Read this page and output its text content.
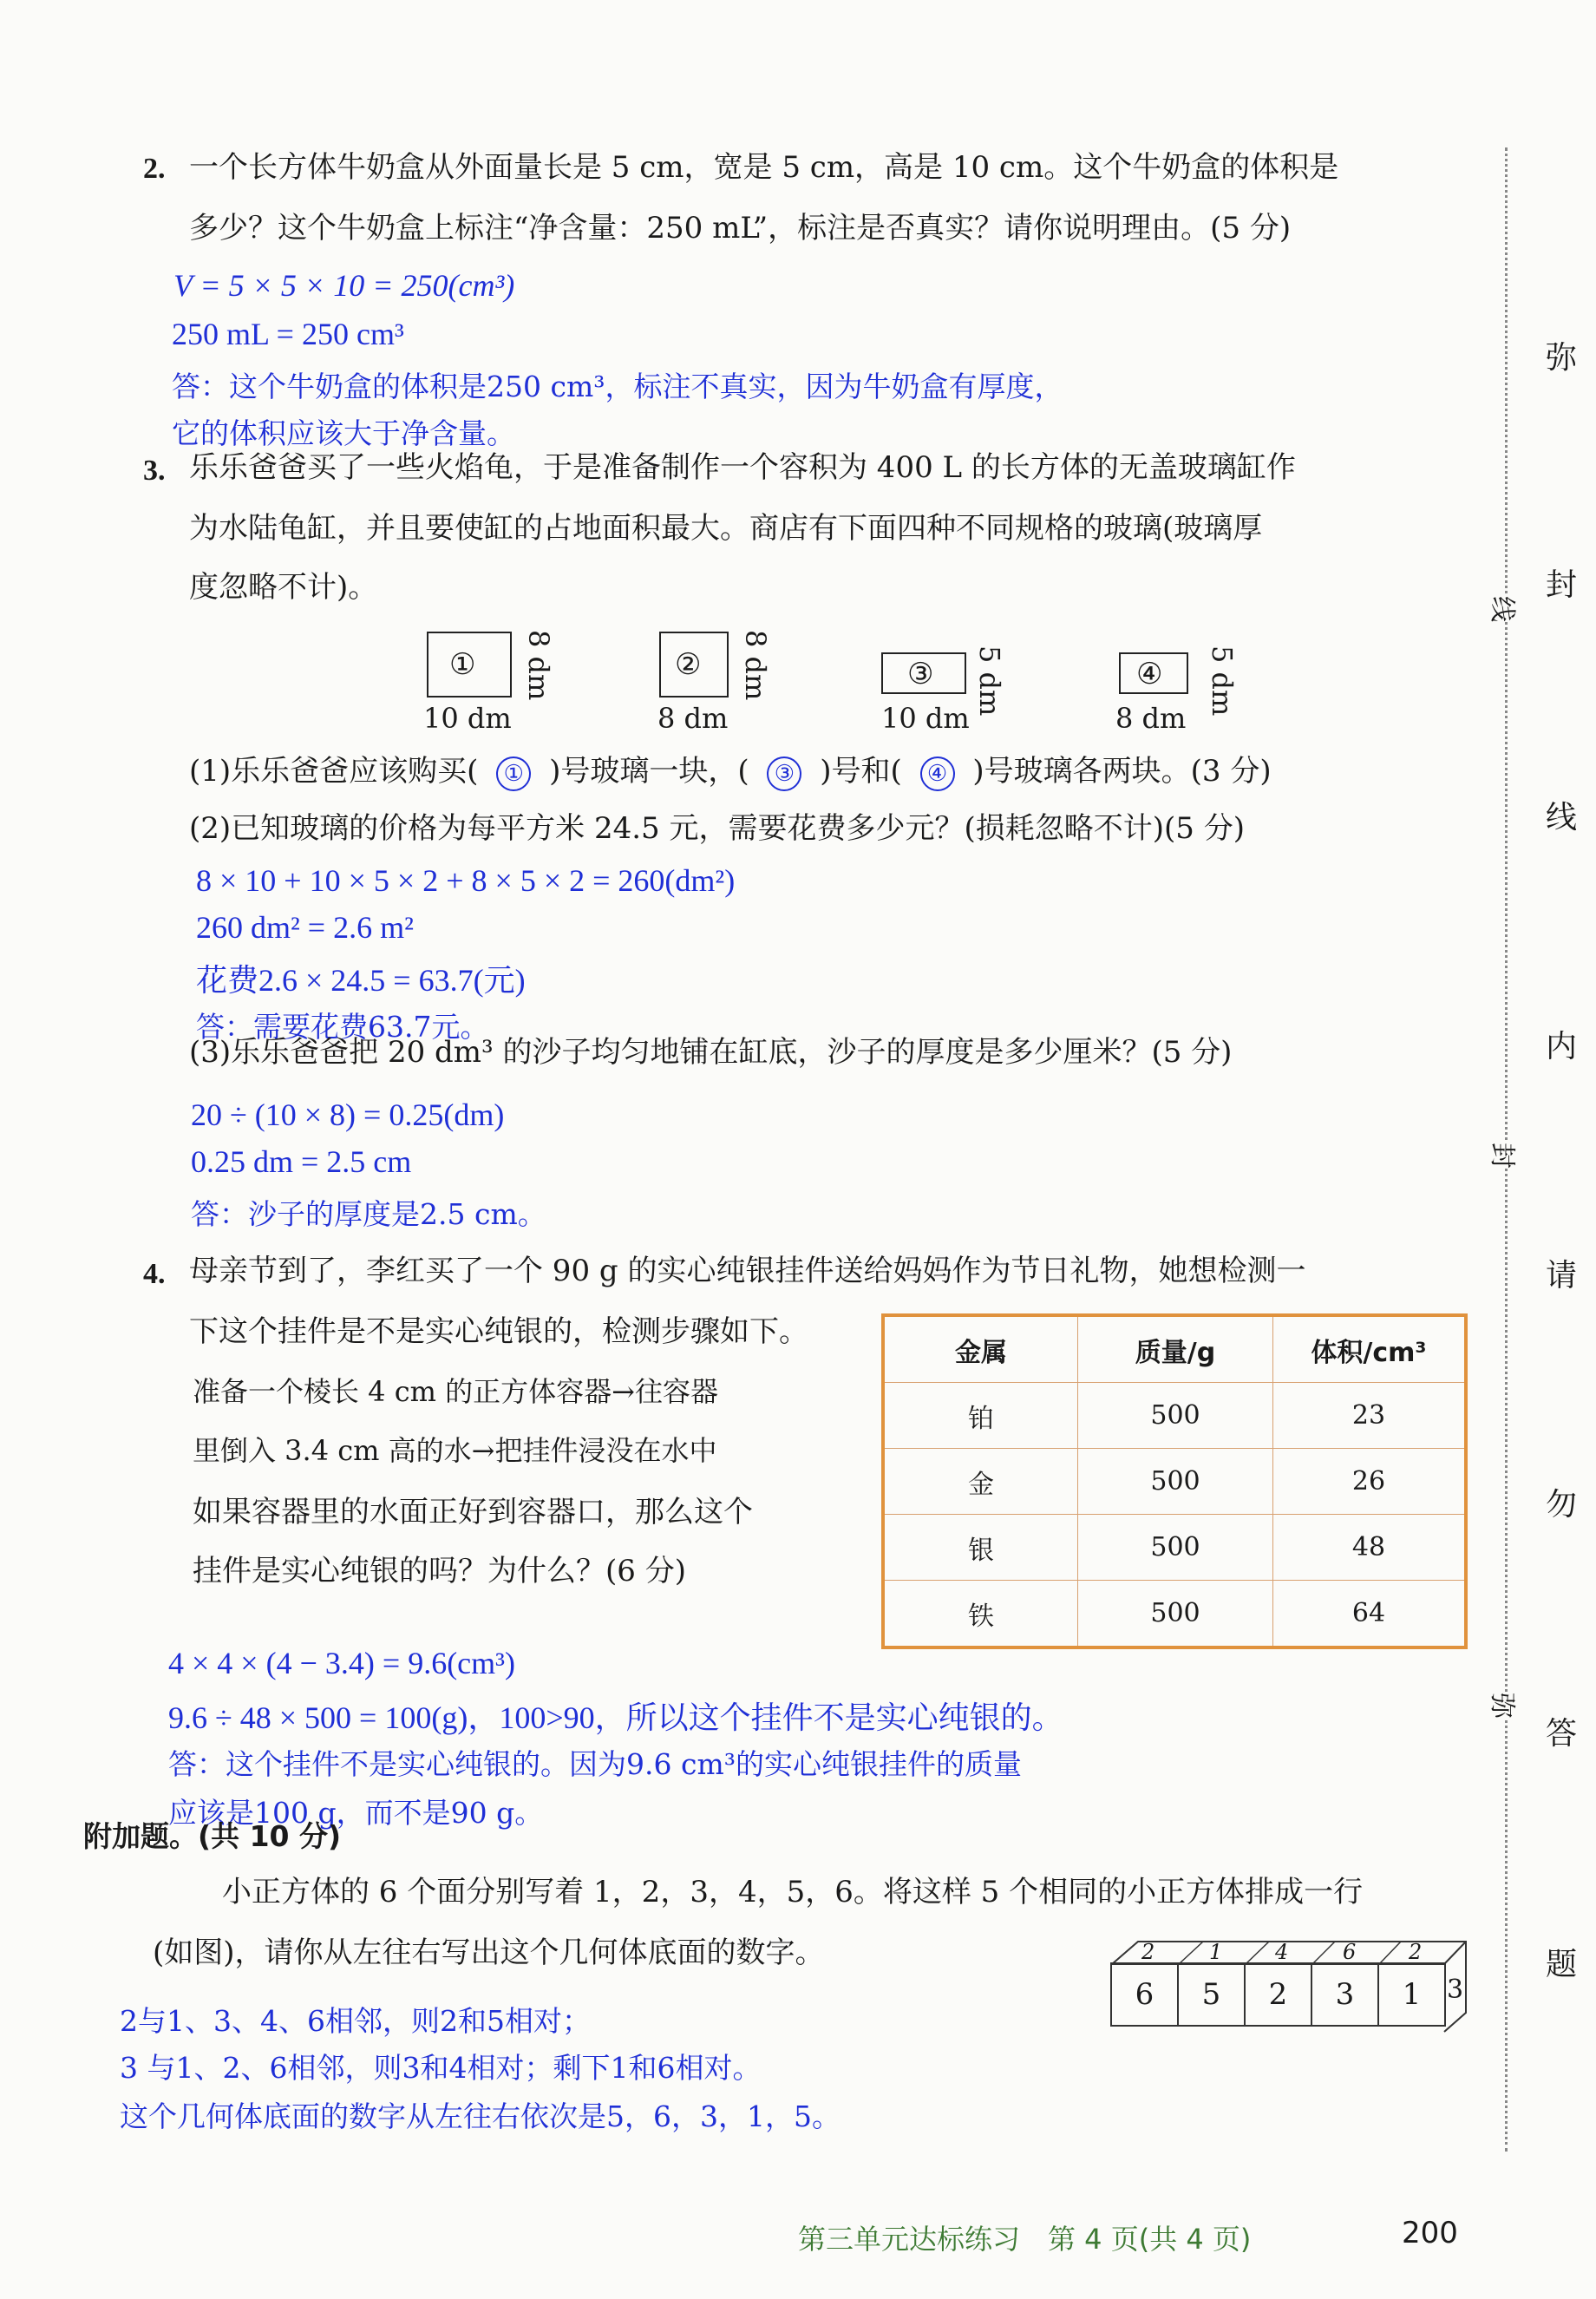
2. 一个长方体牛奶盒从外面量长是 5 cm，宽是 5 cm，高是 10 cm。这个牛奶盒的体积是
多少？这个牛奶盒上标注“净含量：250 mL”，标注是否真实？请你说明理由。(5 分)
V = 5 × 5 × 10 = 250(cm³)
250 mL = 250 cm³
答：这个牛奶盒的体积是250 cm³，标注不真实，因为牛奶盒有厚度，
它的体积应该大于净含量。
3. 乐乐爸爸买了一些火焰龟，于是准备制作一个容积为 400 L 的长方体的无盖玻璃缸作
为水陆龟缸，并且要使缸的占地面积最大。商店有下面四种不同规格的玻璃(玻璃厚
度忽略不计)。
①
10 dm
8 dm	②
8 dm
8 dm	③
10 dm
5 dm	④
8 dm
5 dm
(1)乐乐爸爸应该购买( ① )号玻璃一块，( ③ )号和( ④ )号玻璃各两块。(3 分)
(2)已知玻璃的价格为每平方米 24.5 元，需要花费多少元？(损耗忽略不计)(5 分)
8 × 10 + 10 × 5 × 2 + 8 × 5 × 2 = 260(dm²)
260 dm² = 2.6 m²
花费2.6 × 24.5 = 63.7(元)
答：需要花费63.7元。
(3)乐乐爸爸把 20 dm³ 的沙子均匀地铺在缸底，沙子的厚度是多少厘米？(5 分)
20 ÷ (10 × 8) = 0.25(dm)
0.25 dm = 2.5 cm
答：沙子的厚度是2.5 cm。
4. 母亲节到了，李红买了一个 90 g 的实心纯银挂件送给妈妈作为节日礼物，她想检测一
下这个挂件是不是实心纯银的，检测步骤如下。
准备一个棱长 4 cm 的正方体容器→往容器
里倒入 3.4 cm 高的水→把挂件浸没在水中
如果容器里的水面正好到容器口，那么这个
挂件是实心纯银的吗？为什么？(6 分)
金属	质量/g	体积/cm³
铂	500	23
金	500	26
银	500	48
铁	500	64
4 × 4 × (4 − 3.4) = 9.6(cm³)
9.6 ÷ 48 × 500 = 100(g)，100>90，所以这个挂件不是实心纯银的。
答：这个挂件不是实心纯银的。因为9.6 cm³的实心纯银挂件的质量
应该是100 g，而不是90 g。
附加题。(共 10 分)
小正方体的 6 个面分别写着 1，2，3，4，5，6。将这样 5 个相同的小正方体排成一行
(如图)，请你从左往右写出这个几何体底面的数字。	2	1	4	6	2
6	5	2	3	1 3
2与1、3、4、6相邻，则2和5相对；
3 与1、2、6相邻，则3和4相对；剩下1和6相对。
这个几何体底面的数字从左往右依次是5，6，3，1，5。
弥
封
线
内
请
勿
答
题
线
封
弥
第三单元达标练习　第 4 页(共 4 页)	200
